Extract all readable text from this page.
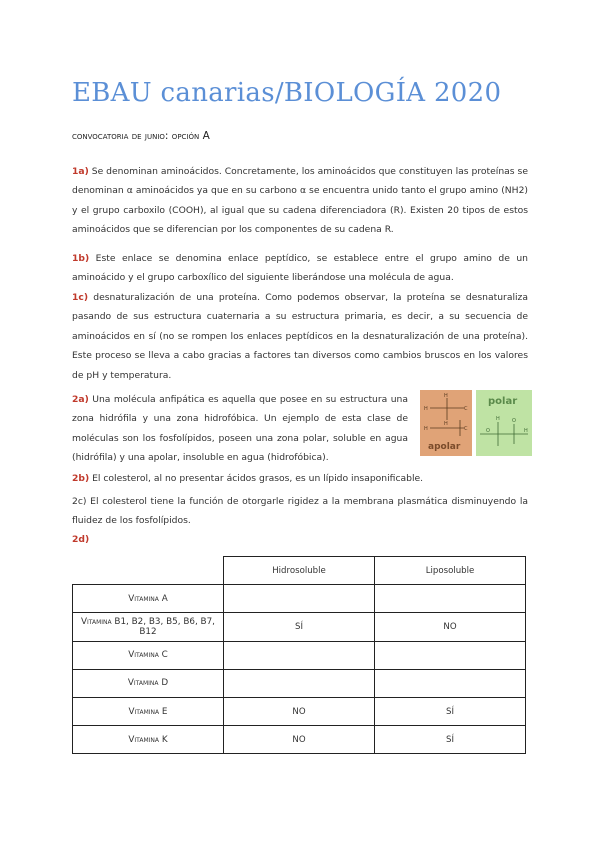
EBAU canarias/BIOLOGÍA 2020
convocatoria de junio: opción A
1a) Se denominan aminoácidos. Concretamente, los aminoácidos que constituyen las proteínas se denominan α aminoácidos ya que en su carbono α se encuentra unido tanto el grupo amino (NH2) y el grupo carboxilo (COOH), al igual que su cadena diferenciadora (R). Existen 20 tipos de estos aminoácidos que se diferencian por los componentes de su cadena R.
1b) Este enlace se denomina enlace peptídico, se establece entre el grupo amino de un aminoácido y el grupo carboxílico del siguiente liberándose una molécula de agua.
1c) desnaturalización de una proteína. Como podemos observar, la proteína se desnaturaliza pasando de sus estructura cuaternaria a su estructura primaria, es decir, a su secuencia de aminoácidos en sí (no se rompen los enlaces peptídicos en la desnaturalización de una proteína). Este proceso se lleva a cabo gracias a factores tan diversos como cambios bruscos en los valores de pH y temperatura.
2a) Una molécula anfipática es aquella que posee en su estructura una zona hidrófila y una zona hidrofóbica. Un ejemplo de esta clase de moléculas son los fosfolípidos, poseen una zona polar, soluble en agua (hidrófila) y una apolar, insoluble en agua (hidrofóbica).
H
H
H
C
H	C
apolar
O
H O
H
polar
2b) El colesterol, al no presentar ácidos grasos, es un lípido insaponificable.
2c) El colesterol tiene la función de otorgarle rigidez a la membrana plasmática disminuyendo la fluidez de los fosfolípidos.
2d)
	Hidrosoluble	Liposoluble
Vitamina A		
Vitamina B1, B2, B3, B5, B6, B7, B12	SÍ	NO
Vitamina C		
Vitamina D		
Vitamina E	NO	SÍ
Vitamina K	NO	SÍ
